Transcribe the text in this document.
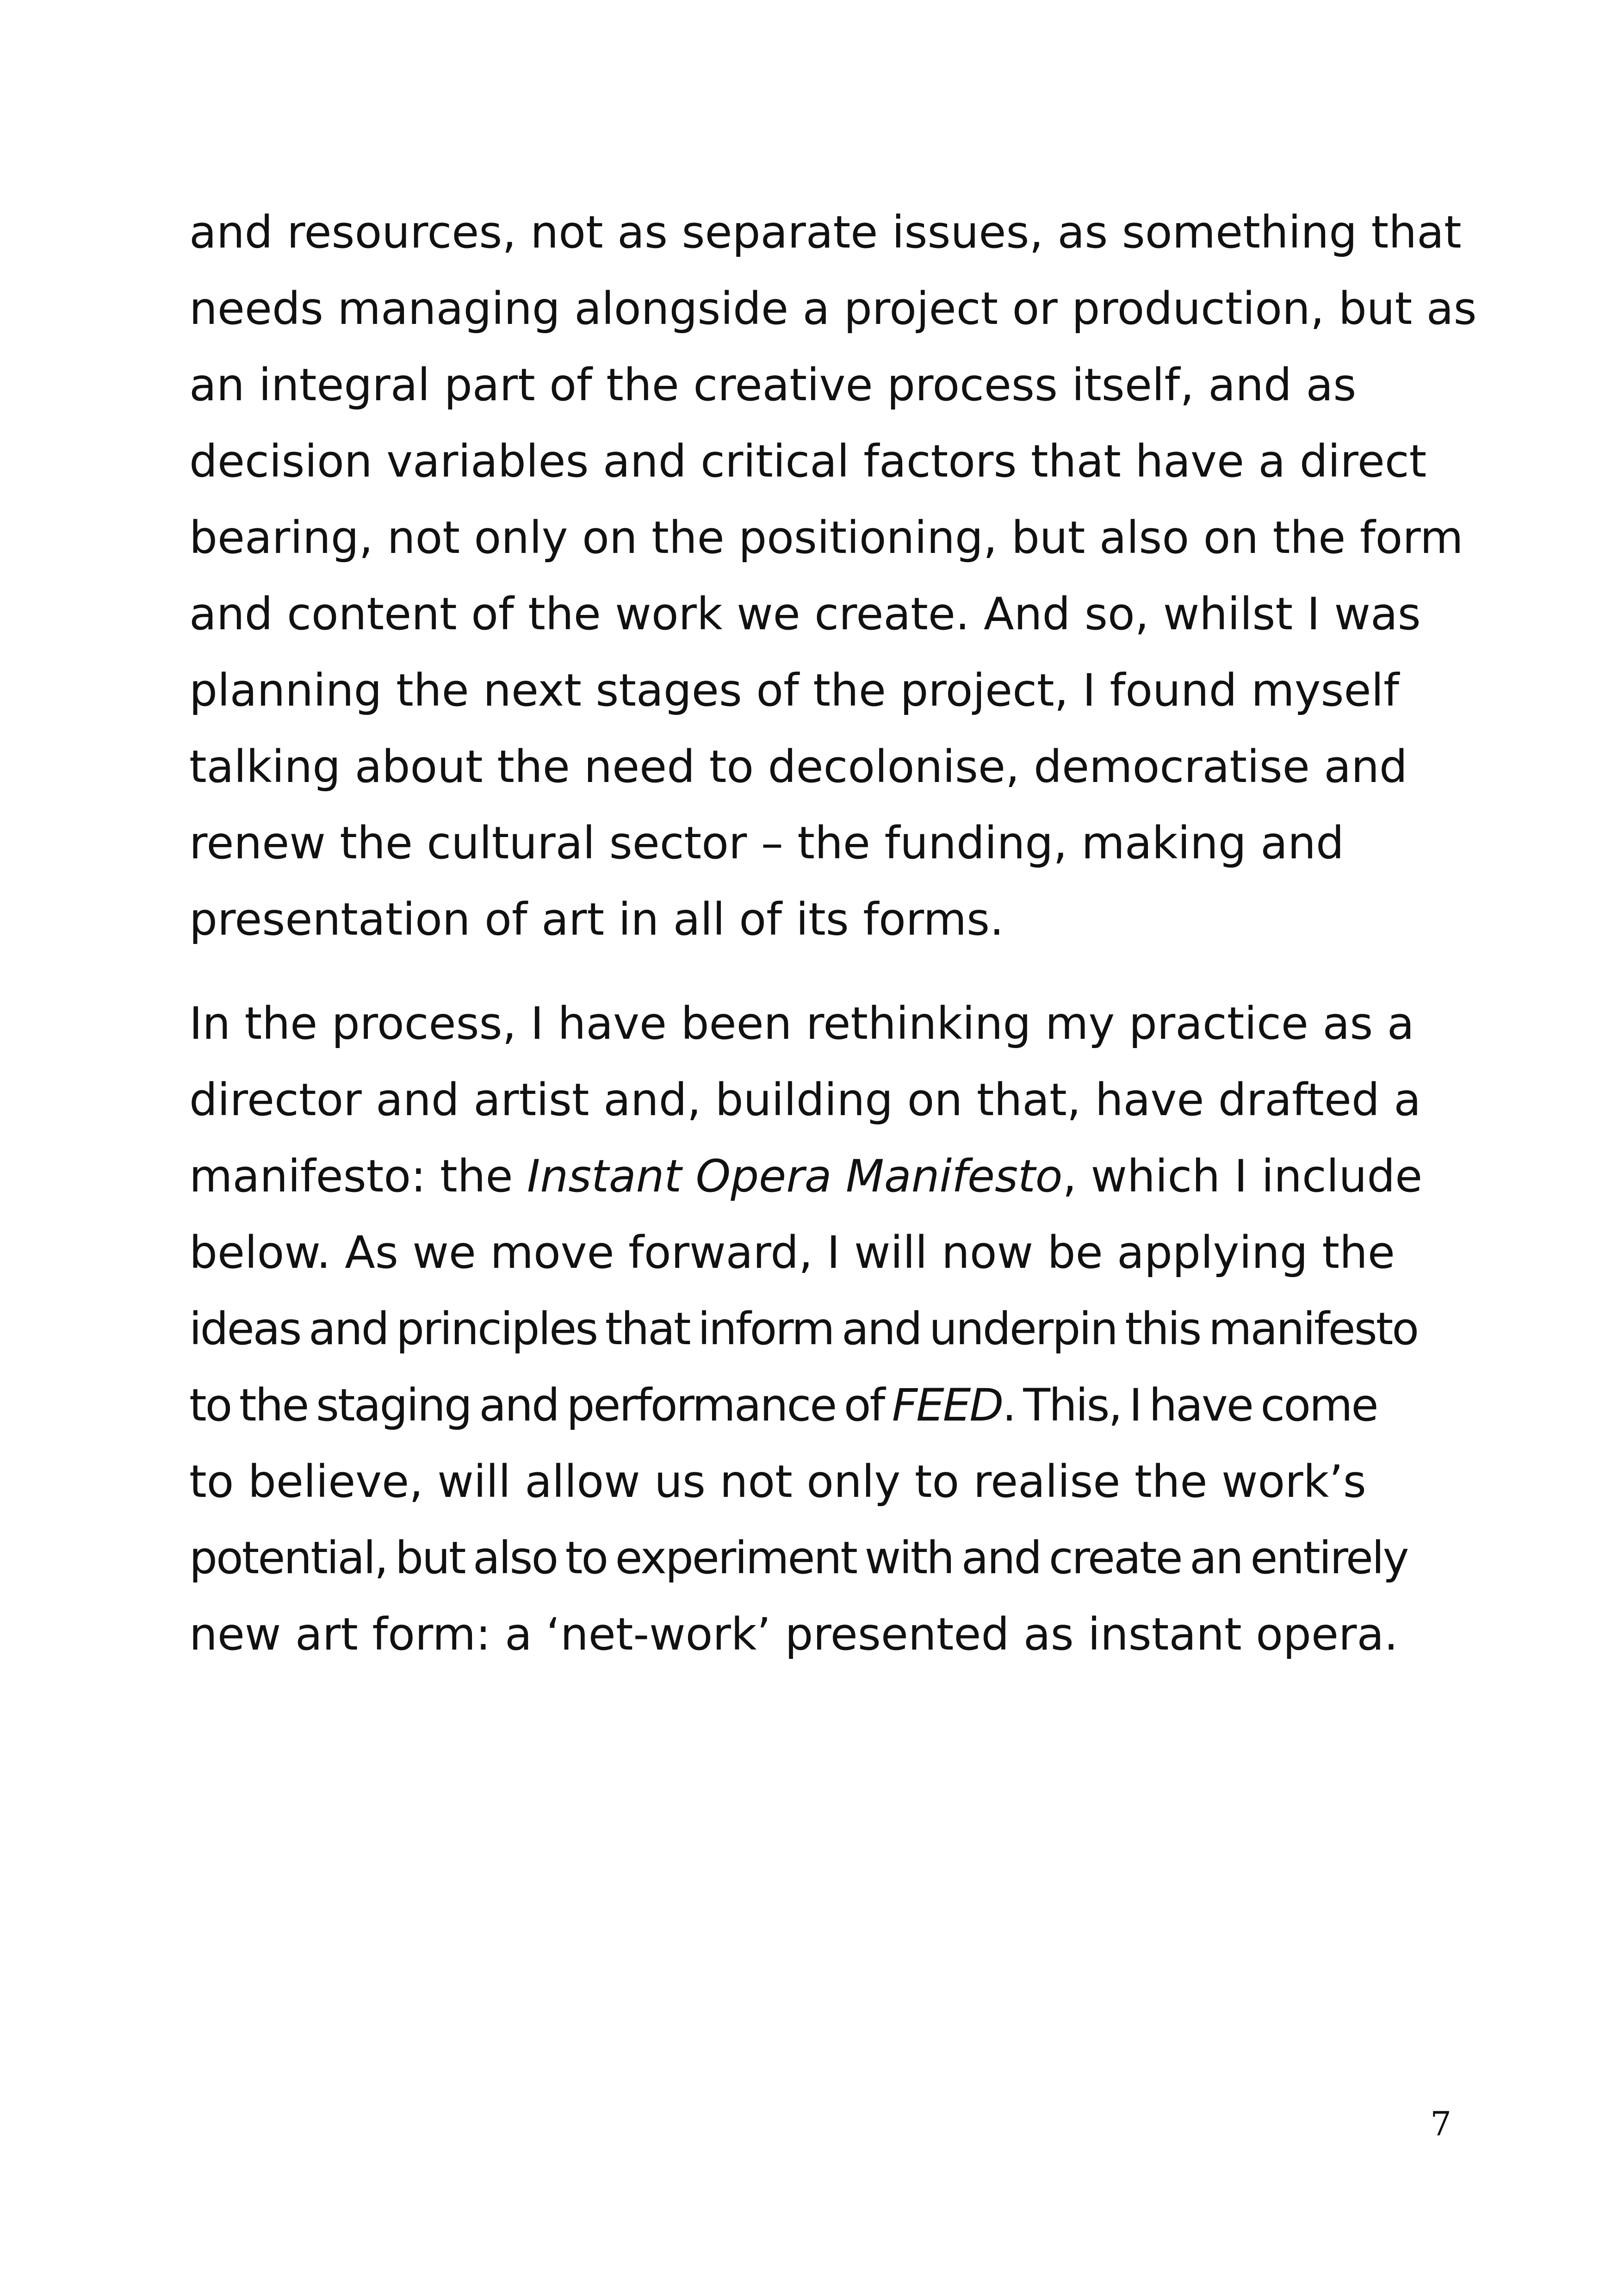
and resources, not as separate issues, as something that
needs managing alongside a project or production, but as
an integral part of the creative process itself, and as
decision variables and critical factors that have a direct
bearing, not only on the positioning, but also on the form
and content of the work we create. And so, whilst I was
planning the next stages of the project, I found myself
talking about the need to decolonise, democratise and
renew the cultural sector – the funding, making and
presentation of art in all of its forms.

In the process, I have been rethinking my practice as a
director and artist and, building on that, have drafted a
manifesto: the Instant Opera Manifesto, which I include
below. As we move forward, I will now be applying the
ideas and principles that inform and underpin this manifesto
to the staging and performance of FEED. This, I have come
to believe, will allow us not only to realise the work’s
potential, but also to experiment with and create an entirely
new art form: a ‘net-work’ presented as instant opera.

7
